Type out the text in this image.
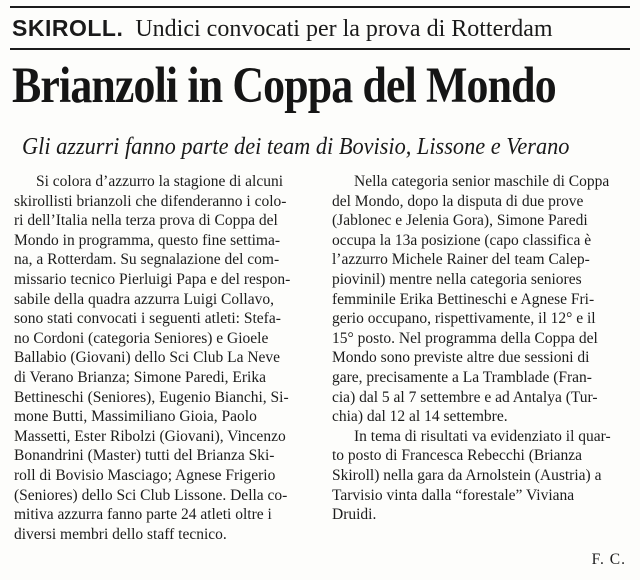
SKIROLL. Undici convocati per la prova di Rotterdam
Brianzoli in Coppa del Mondo
Gli azzurri fanno parte dei team di Bovisio, Lissone e Verano

Si colora d’azzurro la stagione di alcuni
skirollisti brianzoli che difenderanno i colo-
ri dell’Italia nella terza prova di Coppa del
Mondo in programma, questo fine settima-
na, a Rotterdam. Su segnalazione del com-
missario tecnico Pierluigi Papa e del respon-
sabile della quadra azzurra Luigi Collavo,
sono stati convocati i seguenti atleti: Stefa-
no Cordoni (categoria Seniores) e Gioele
Ballabio (Giovani) dello Sci Club La Neve
di Verano Brianza; Simone Paredi, Erika
Bettineschi (Seniores), Eugenio Bianchi, Si-
mone Butti, Massimiliano Gioia, Paolo
Massetti, Ester Ribolzi (Giovani), Vincenzo
Bonandrini (Master) tutti del Brianza Ski-
roll di Bovisio Masciago; Agnese Frigerio
(Seniores) dello Sci Club Lissone. Della co-
mitiva azzurra fanno parte 24 atleti oltre i
diversi membri dello staff tecnico.

Nella categoria senior maschile di Coppa
del Mondo, dopo la disputa di due prove
(Jablonec e Jelenia Gora), Simone Paredi
occupa la 13a posizione (capo classifica è
l’azzurro Michele Rainer del team Calep-
piovinil) mentre nella categoria seniores
femminile Erika Bettineschi e Agnese Fri-
gerio occupano, rispettivamente, il 12° e il
15° posto. Nel programma della Coppa del
Mondo sono previste altre due sessioni di
gare, precisamente a La Tramblade (Fran-
cia) dal 5 al 7 settembre e ad Antalya (Tur-
chia) dal 12 al 14 settembre.

In tema di risultati va evidenziato il quar-
to posto di Francesca Rebecchi (Brianza
Skiroll) nella gara da Arnolstein (Austria) a
Tarvisio vinta dalla “forestale” Viviana
Druidi.

F. C.
